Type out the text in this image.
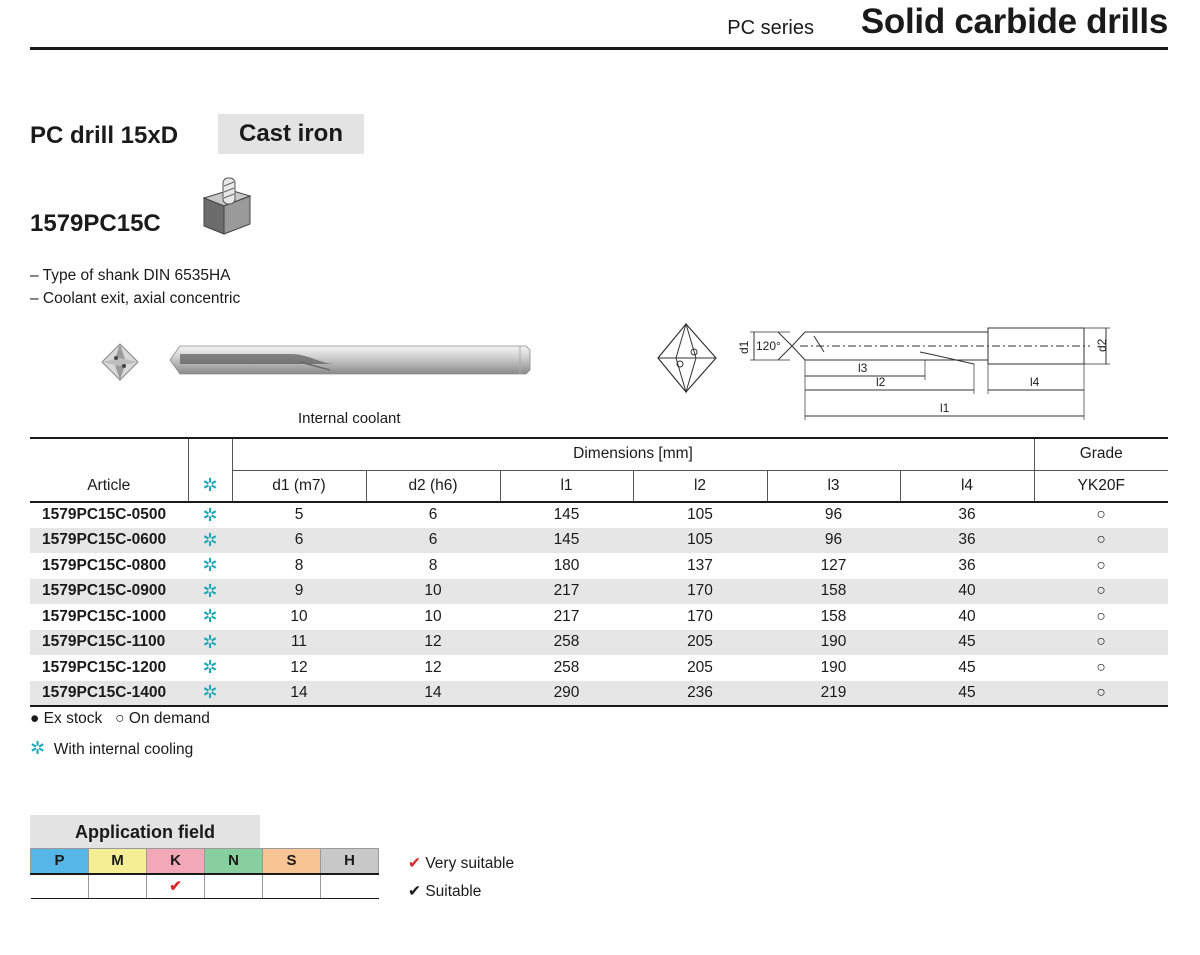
PC series Solid carbide drills
PC drill 15xD	Cast iron
1579PC15C
– Type of shank DIN 6535HA
– Coolant exit, axial concentric
Internal coolant
d1 120°	d2
l3
l2	l4
l1
		Dimensions [mm]						Grade
Article	✲	d1 (m7)	d2 (h6)	l1	l2	l3	l4	YK20F
1579PC15C-0500	✲	5	6	145	105	96	36	○
1579PC15C-0600	✲	6	6	145	105	96	36	○
1579PC15C-0800	✲	8	8	180	137	127	36	○
1579PC15C-0900	✲	9	10	217	170	158	40	○
1579PC15C-1000	✲	10	10	217	170	158	40	○
1579PC15C-1100	✲	11	12	258	205	190	45	○
1579PC15C-1200	✲	12	12	258	205	190	45	○
1579PC15C-1400	✲	14	14	290	236	219	45	○
● Ex stock ○ On demand
✲ With internal cooling
Application field
P	M	K	N	S	H
		✔			
✔ Very suitable
✔ Suitable
